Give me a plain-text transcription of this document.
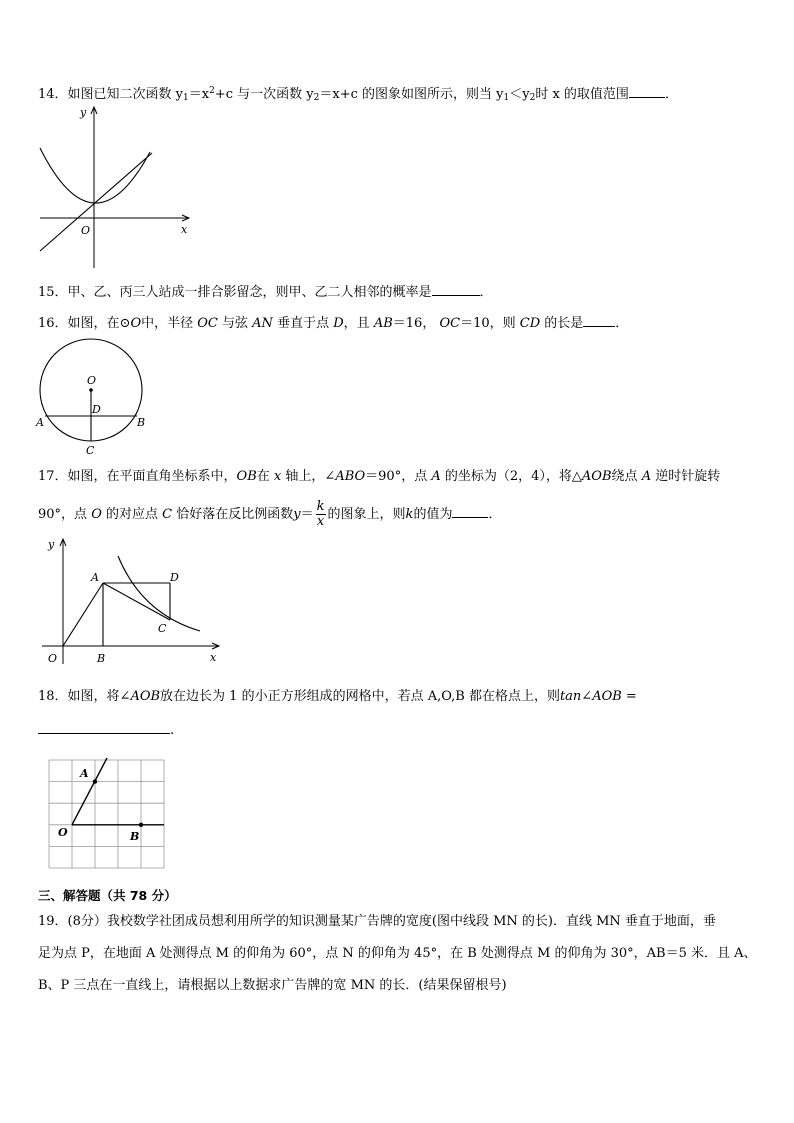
14．如图已知二次函数 $y_1=x^2+c$ 与一次函数 $y_2=x+c$ 的图象如图所示，则当 $y_1<y_2$时 x 的取值范围	．
y
O	x
15．甲、乙、丙三人站成一排合影留念，则甲、乙二人相邻的概率是	．
16．如图，在⊙O中，半径 OC 与弦 AN 垂直于点 D，且 AB＝16， OC＝10，则 CD 的长是 ．
O
D
A	B
C
17．如图，在平面直角坐标系中，OB在 x 轴上，∠ABO＝90°，点 A 的坐标为（2，4），将△AOB绕点 A 逆时针旋转
90°，点 O 的对应点 C 恰好落在反比例函数$y= \frac{k}{x}$ 的图象上，则k的值为	．
y
A	D
C
O	B	x
18．如图，将∠AOB放在边长为 1 的小正方形组成的网格中，若点 A,O,B 都在格点上，则tan∠AOB =
.
A
O	B
三、解答题（共 78 分）
19．(8分）我校数学社团成员想利用所学的知识测量某广告牌的宽度(图中线段 MN 的长)．直线 MN 垂直于地面，垂
足为点 P，在地面 A 处测得点 M 的仰角为 60°，点 N 的仰角为 45°，在 B 处测得点 M 的仰角为 30°，AB＝5 米．且 A、
B、P 三点在一直线上，请根据以上数据求广告牌的宽 MN 的长．(结果保留根号)
